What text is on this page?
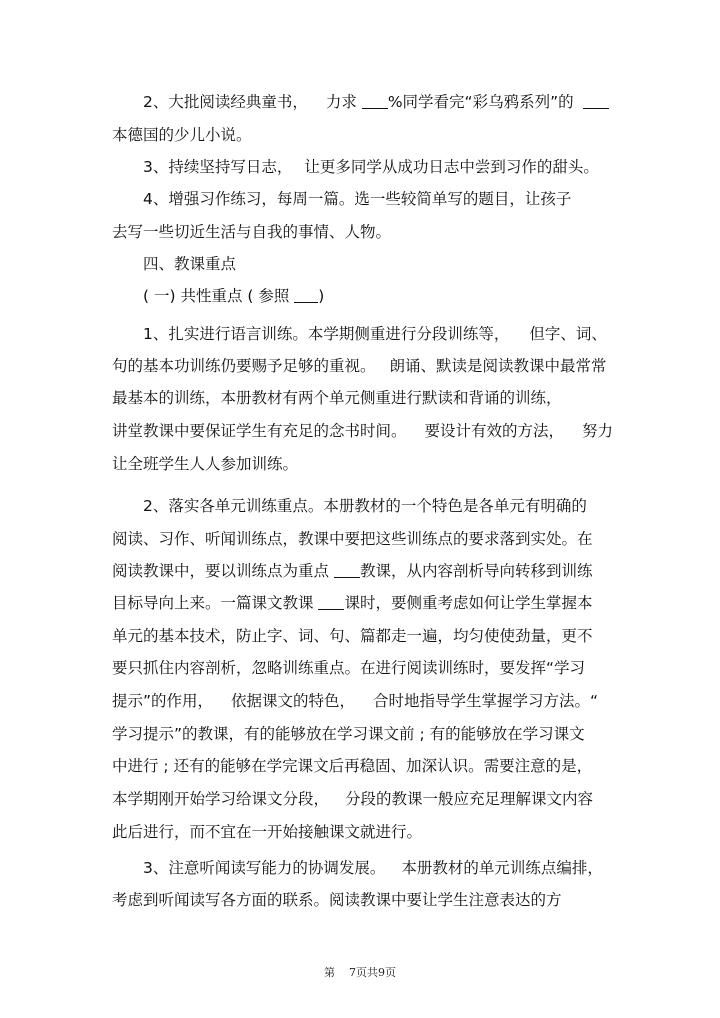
2、大批阅读经典童书， 力求 %同学看完“彩乌鸦系列”的
本德国的少儿小说。
3、持续坚持写日志， 让更多同学从成功日志中尝到习作的甜头。
4、增强习作练习，每周一篇。选一些较简单写的题目，让孩子
去写一些切近生活与自我的事情、人物。
四、教课重点
( 一) 共性重点 ( 参照 )
1、扎实进行语言训练。本学期侧重进行分段训练等， 但字、词、
句的基本功训练仍要赐予足够的重视。 朗诵、默读是阅读教课中最常常
最基本的训练，本册教材有两个单元侧重进行默读和背诵的训练，
讲堂教课中要保证学生有充足的念书时间。 要设计有效的方法， 努力
让全班学生人人参加训练。
2、落实各单元训练重点。本册教材的一个特色是各单元有明确的
阅读、习作、听闻训练点，教课中要把这些训练点的要求落到实处。在
阅读教课中，要以训练点为重点 教课，从内容剖析导向转移到训练
目标导向上来。一篇课文教课 课时，要侧重考虑如何让学生掌握本
单元的基本技术，防止字、词、句、篇都走一遍，均匀使使劲量，更不
要只抓住内容剖析，忽略训练重点。在进行阅读训练时，要发挥“学习
提示”的作用， 依据课文的特色， 合时地指导学生掌握学习方法。“
学习提示”的教课，有的能够放在学习课文前 ; 有的能够放在学习课文
中进行 ; 还有的能够在学完课文后再稳固、加深认识。需要注意的是，
本学期刚开始学习给课文分段， 分段的教课一般应充足理解课文内容
此后进行，而不宜在一开始接触课文就进行。
3、注意听闻读写能力的协调发展。 本册教材的单元训练点编排，
考虑到听闻读写各方面的联系。阅读教课中要让学生注意表达的方
第 7页共9页
